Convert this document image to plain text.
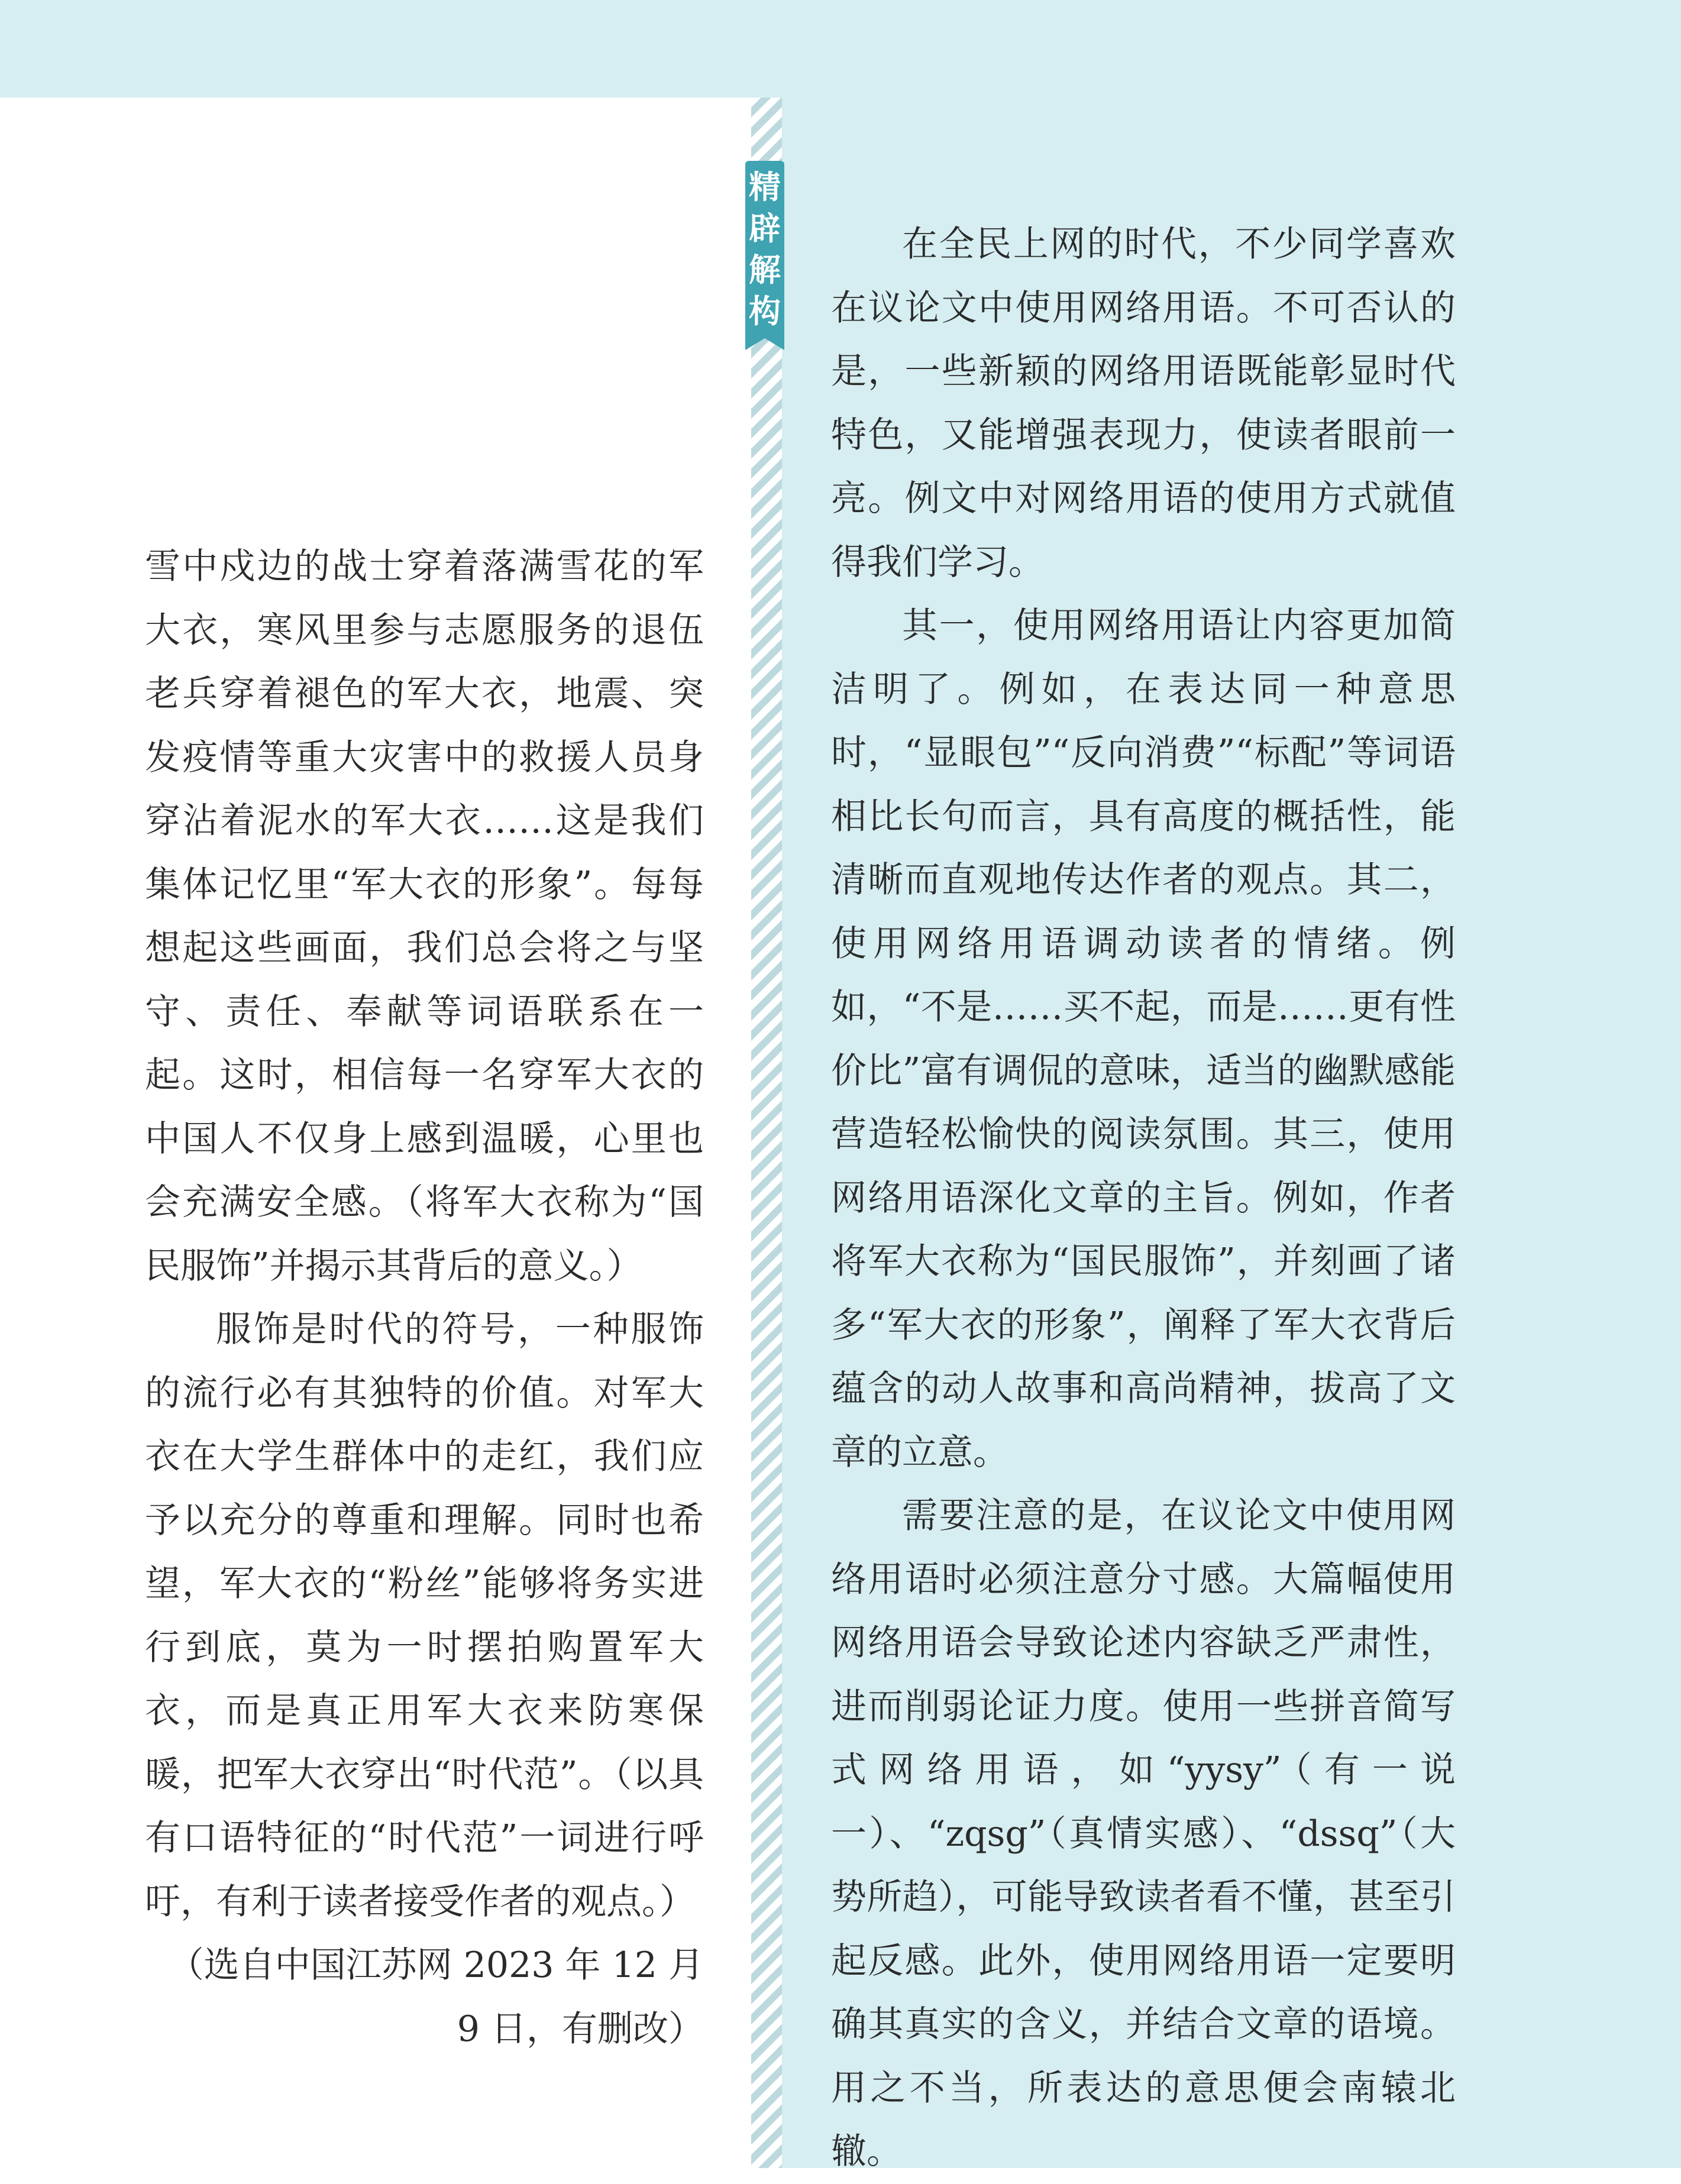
精
辟
解
构

雪中戍边的战士穿着落满雪花的军大衣，寒风里参与志愿服务的退伍老兵穿着褪色的军大衣，地震、突发疫情等重大灾害中的救援人员身穿沾着泥水的军大衣……这是我们集体记忆里“军大衣的形象”。每每想起这些画面，我们总会将之与坚守、责任、奉献等词语联系在一起。这时，相信每一名穿军大衣的中国人不仅身上感到温暖，心里也会充满安全感。（将军大衣称为“国民服饰”并揭示其背后的意义。）

服饰是时代的符号，一种服饰的流行必有其独特的价值。对军大衣在大学生群体中的走红，我们应予以充分的尊重和理解。同时也希望，军大衣的“粉丝”能够将务实进行到底，莫为一时摆拍购置军大衣，而是真正用军大衣来防寒保暖，把军大衣穿出“时代范”。（以具有口语特征的“时代范”一词进行呼吁，有利于读者接受作者的观点。）

（选自中国江苏网 2023 年 12 月 9 日，有删改）

在全民上网的时代，不少同学喜欢在议论文中使用网络用语。不可否认的是，一些新颖的网络用语既能彰显时代特色，又能增强表现力，使读者眼前一亮。例文中对网络用语的使用方式就值得我们学习。

其一，使用网络用语让内容更加简洁明了。例如，在表达同一种意思时，“显眼包”“反向消费”“标配”等词语相比长句而言，具有高度的概括性，能清晰而直观地传达作者的观点。其二，使用网络用语调动读者的情绪。例如，“不是……买不起，而是……更有性价比”富有调侃的意味，适当的幽默感能营造轻松愉快的阅读氛围。其三，使用网络用语深化文章的主旨。例如，作者将军大衣称为“国民服饰”，并刻画了诸多“军大衣的形象”，阐释了军大衣背后蕴含的动人故事和高尚精神，拔高了文章的立意。

需要注意的是，在议论文中使用网络用语时必须注意分寸感。大篇幅使用网络用语会导致论述内容缺乏严肃性，进而削弱论证力度。使用一些拼音简写式网络用语，如“yysy”（有一说一）、“zqsg”（真情实感）、“dssq”（大势所趋），可能导致读者看不懂，甚至引起反感。此外，使用网络用语一定要明确其真实的含义，并结合文章的语境。用之不当，所表达的意思便会南辕北辙。
